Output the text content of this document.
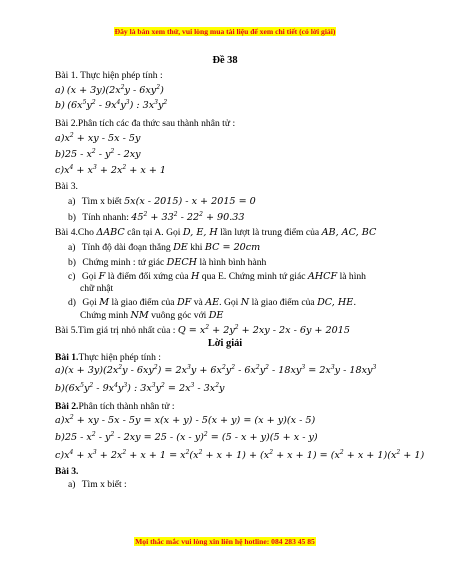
Đây là bản xem thử, vui lòng mua tài liệu để xem chi tiết (có lời giải)
Đề 38
Bài 1. Thực hiện phép tính :
a) $(x + 3y)(2x^2y - 6xy^2)$
b) $(6x^5y^2 - 9x^4y^3)$ : $3x^3y^2$
Bài 2.Phân tích các đa thức sau thành nhân tử :
$a)x^2$ + xy - 5x - 5y
$b)25 - x^2 - y^2 - 2xy$
$c)x^4 + x^3 + 2x^2 + x + 1$
Bài 3.
a) Tìm x biết 5x(x - 2015) - x + 2015 = 0
b) Tính nhanh: $45^2 + 33^2 - 22^2 + 90.33$
Bài 4.Cho ΔABC cân tại A. Gọi D, E, H lần lượt là trung điểm của AB, AC, BC
a) Tính độ dài đoạn thẳng DE khi BC = 20cm
b) Chứng minh : tứ giác DECH là hình bình hành
c) Gọi F là điểm đối xứng của H qua E. Chứng minh tứ giác AHCF là hình
chữ nhật
d) Gọi M là giao điểm của DF và AE. Gọi N là giao điểm của DC, HE.
Chứng minh NM vuông góc với DE
Bài 5.Tìm giá trị nhỏ nhất của : $Q = x^2 + 2y^2 + 2xy - 2x - 6y + 2015$
Lời giải
Bài 1.Thực hiện phép tính :
$a)(x + 3y)(2x^2y - 6xy^2) = 2x^3y + 6x^2y^2 - 6x^2y^2 - 18xy^3 = 2x^3y - 18xy^3$
$b)(6x^5y^2 - 9x^4y^3)$ : $3x^3y^2 = 2x^3 - 3x^2y$
Bài 2.Phân tích thành nhân tử :
$a)x^2$ + xy - 5x - 5y = x(x + y) - 5(x + y) = (x + y)(x - 5)
$b)25 - x^2 - y^2 - 2xy = 25 - (x - y)^2 = (5 - x + y)(5 + x - y)$
$c)x^4 + x^3 + 2x^2 + x + 1 = x^2(x^2 + x + 1) + (x^2 + x + 1) = (x^2 + x + 1)(x^2 + 1)$
Bài 3.
a) Tìm x biết :
Mọi thắc mắc vui lòng xin liên hệ hotline: 084 283 45 85
